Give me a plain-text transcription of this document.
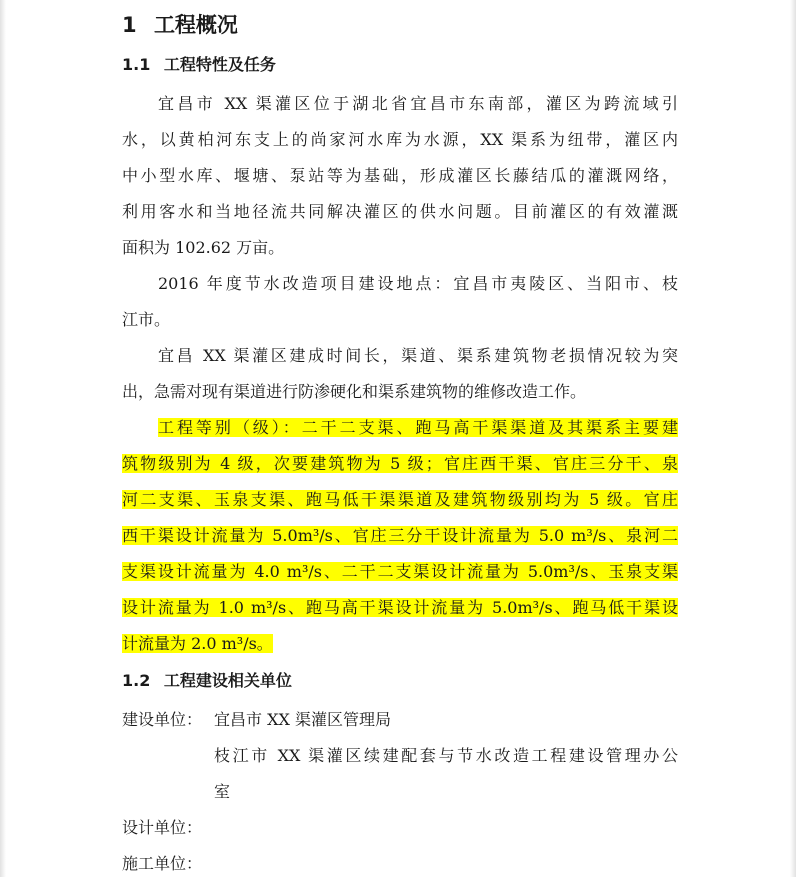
1 工程概况
1.1 工程特性及任务
宜昌市 XX 渠灌区位于湖北省宜昌市东南部，灌区为跨流域引
水，以黄柏河东支上的尚家河水库为水源，XX 渠系为纽带，灌区内
中小型水库、堰塘、泵站等为基础，形成灌区长藤结瓜的灌溉网络，
利用客水和当地径流共同解决灌区的供水问题。目前灌区的有效灌溉
面积为 102.62 万亩。
2016 年度节水改造项目建设地点：宜昌市夷陵区、当阳市、枝
江市。
宜昌 XX 渠灌区建成时间长，渠道、渠系建筑物老损情况较为突
出，急需对现有渠道进行防渗硬化和渠系建筑物的维修改造工作。
工程等别（级）：二干二支渠、跑马高干渠渠道及其渠系主要建
筑物级别为 4 级，次要建筑物为 5 级；官庄西干渠、官庄三分干、泉
河二支渠、玉泉支渠、跑马低干渠渠道及建筑物级别均为 5 级。官庄
西干渠设计流量为 5.0m³/s、官庄三分干设计流量为 5.0 m³/s、泉河二
支渠设计流量为 4.0 m³/s、二干二支渠设计流量为 5.0m³/s、玉泉支渠
设计流量为 1.0 m³/s、跑马高干渠设计流量为 5.0m³/s、跑马低干渠设
计流量为 2.0 m³/s。
1.2 工程建设相关单位
建设单位： 宜昌市 XX 渠灌区管理局
枝江市 XX 渠灌区续建配套与节水改造工程建设管理办公
室
设计单位：
施工单位：
